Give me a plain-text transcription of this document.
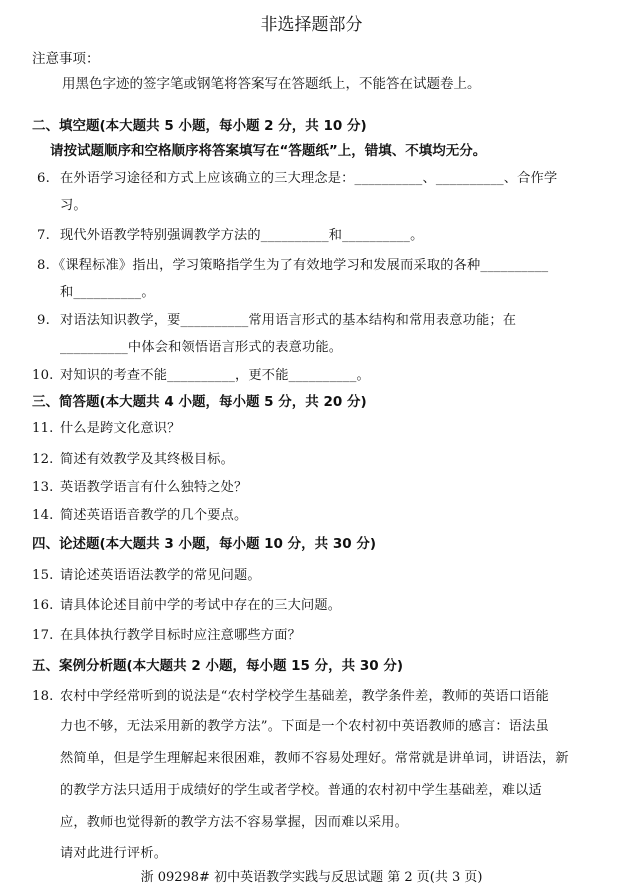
非选择题部分
注意事项：
用黑色字迹的签字笔或钢笔将答案写在答题纸上，不能答在试题卷上。
二、填空题(本大题共 5 小题，每小题 2 分，共 10 分)
请按试题顺序和空格顺序将答案填写在“答题纸”上，错填、不填均无分。
6. 在外语学习途径和方式上应该确立的三大理念是：__________、__________、合作学
习。
7. 现代外语教学特别强调教学方法的__________和__________。
8. 《课程标准》指出，学习策略指学生为了有效地学习和发展而采取的各种__________
和__________。
9. 对语法知识教学，要__________常用语言形式的基本结构和常用表意功能；在
__________中体会和领悟语言形式的表意功能。
10. 对知识的考查不能__________，更不能__________。
三、简答题(本大题共 4 小题，每小题 5 分，共 20 分)
11. 什么是跨文化意识？
12. 简述有效教学及其终极目标。
13. 英语教学语言有什么独特之处？
14. 简述英语语音教学的几个要点。
四、论述题(本大题共 3 小题，每小题 10 分，共 30 分)
15. 请论述英语语法教学的常见问题。
16. 请具体论述目前中学的考试中存在的三大问题。
17. 在具体执行教学目标时应注意哪些方面？
五、案例分析题(本大题共 2 小题，每小题 15 分，共 30 分)
18. 农村中学经常听到的说法是“农村学校学生基础差，教学条件差，教师的英语口语能
力也不够，无法采用新的教学方法”。下面是一个农村初中英语教师的感言：语法虽
然简单，但是学生理解起来很困难，教师不容易处理好。常常就是讲单词，讲语法，新
的教学方法只适用于成绩好的学生或者学校。普通的农村初中学生基础差，难以适
应，教师也觉得新的教学方法不容易掌握，因而难以采用。
请对此进行评析。
浙 09298# 初中英语教学实践与反思试题 第 2 页(共 3 页)
